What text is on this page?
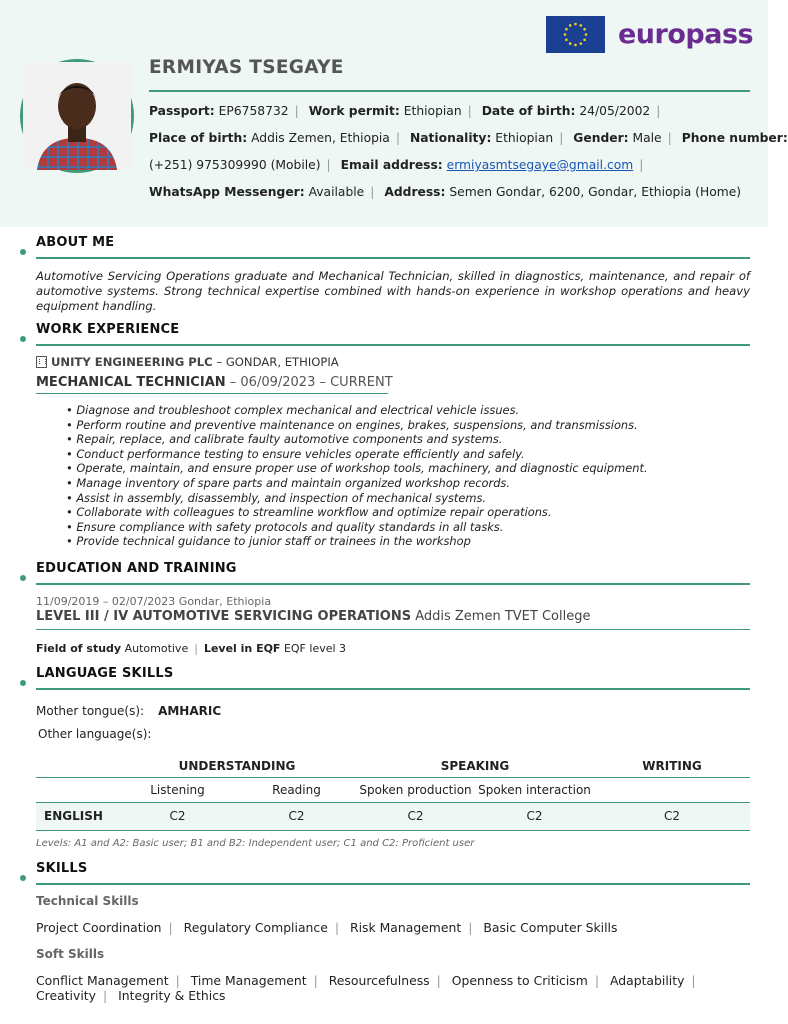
europass
ERMIYAS TSEGAYE
Passport: EP6758732 | Work permit: Ethiopian | Date of birth: 24/05/2002 |
Place of birth: Addis Zemen, Ethiopia | Nationality: Ethiopian | Gender: Male | Phone number:
(+251) 975309990 (Mobile) | Email address: ermiyasmtsegaye@gmail.com |
WhatsApp Messenger: Available | Address: Semen Gondar, 6200, Gondar, Ethiopia (Home)
ABOUT ME
Automotive Servicing Operations graduate and Mechanical Technician, skilled in diagnostics, maintenance, and repair of automotive systems. Strong technical expertise combined with hands-on experience in workshop operations and heavy equipment handling.
WORK EXPERIENCE
UNITY ENGINEERING PLC – GONDAR, ETHIOPIA
MECHANICAL TECHNICIAN – 06/09/2023 – CURRENT
• Diagnose and troubleshoot complex mechanical and electrical vehicle issues.
• Perform routine and preventive maintenance on engines, brakes, suspensions, and transmissions.
• Repair, replace, and calibrate faulty automotive components and systems.
• Conduct performance testing to ensure vehicles operate efficiently and safely.
• Operate, maintain, and ensure proper use of workshop tools, machinery, and diagnostic equipment.
• Manage inventory of spare parts and maintain organized workshop records.
• Assist in assembly, disassembly, and inspection of mechanical systems.
• Collaborate with colleagues to streamline workflow and optimize repair operations.
• Ensure compliance with safety protocols and quality standards in all tasks.
• Provide technical guidance to junior staff or trainees in the workshop
EDUCATION AND TRAINING
11/09/2019 – 02/07/2023 Gondar, Ethiopia
LEVEL III / IV AUTOMOTIVE SERVICING OPERATIONS Addis Zemen TVET College
Field of study Automotive | Level in EQF EQF level 3
LANGUAGE SKILLS
Mother tongue(s): AMHARIC
Other language(s):
	UNDERSTANDING		SPEAKING		WRITING
	Listening	Reading	Spoken production	Spoken interaction	
ENGLISH	C2	C2	C2	C2	C2
Levels: A1 and A2: Basic user; B1 and B2: Independent user; C1 and C2: Proficient user
SKILLS
Technical Skills
Project Coordination | Regulatory Compliance | Risk Management | Basic Computer Skills
Soft Skills
Conflict Management | Time Management | Resourcefulness | Openness to Criticism | Adaptability | Creativity | Integrity & Ethics
